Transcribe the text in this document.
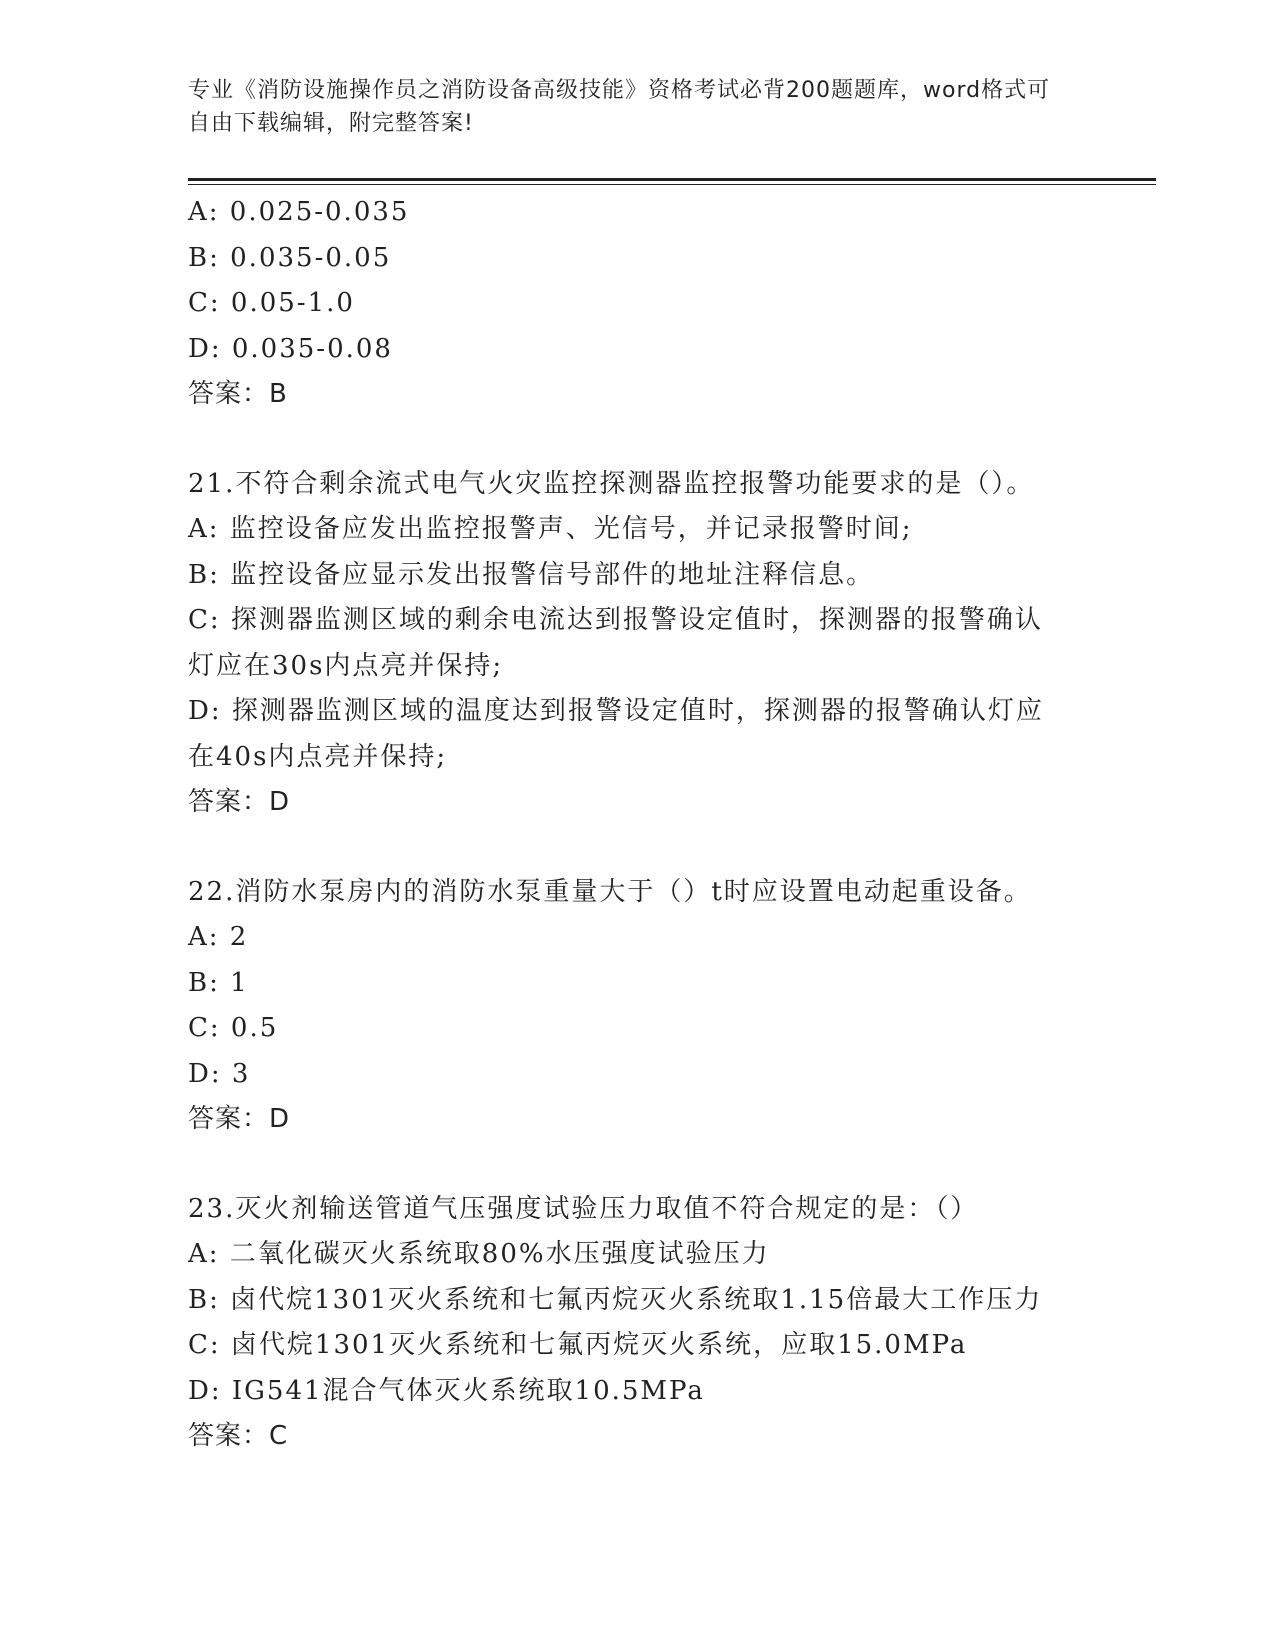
专业《消防设施操作员之消防设备高级技能》资格考试必背200题题库，word格式可自由下载编辑，附完整答案!
A: 0.025-0.035
B: 0.035-0.05
C: 0.05-1.0
D: 0.035-0.08
答案：B
21.不符合剩余流式电气火灾监控探测器监控报警功能要求的是（）。
A: 监控设备应发出监控报警声、光信号，并记录报警时间;
B: 监控设备应显示发出报警信号部件的地址注释信息。
C: 探测器监测区域的剩余电流达到报警设定值时，探测器的报警确认灯应在30s内点亮并保持;
D: 探测器监测区域的温度达到报警设定值时，探测器的报警确认灯应在40s内点亮并保持;
答案：D
22.消防水泵房内的消防水泵重量大于（）t时应设置电动起重设备。
A: 2
B: 1
C: 0.5
D: 3
答案：D
23.灭火剂输送管道气压强度试验压力取值不符合规定的是：（）
A: 二氧化碳灭火系统取80%水压强度试验压力
B: 卤代烷1301灭火系统和七氟丙烷灭火系统取1.15倍最大工作压力
C: 卤代烷1301灭火系统和七氟丙烷灭火系统，应取15.0MPa
D: IG541混合气体灭火系统取10.5MPa
答案：C
